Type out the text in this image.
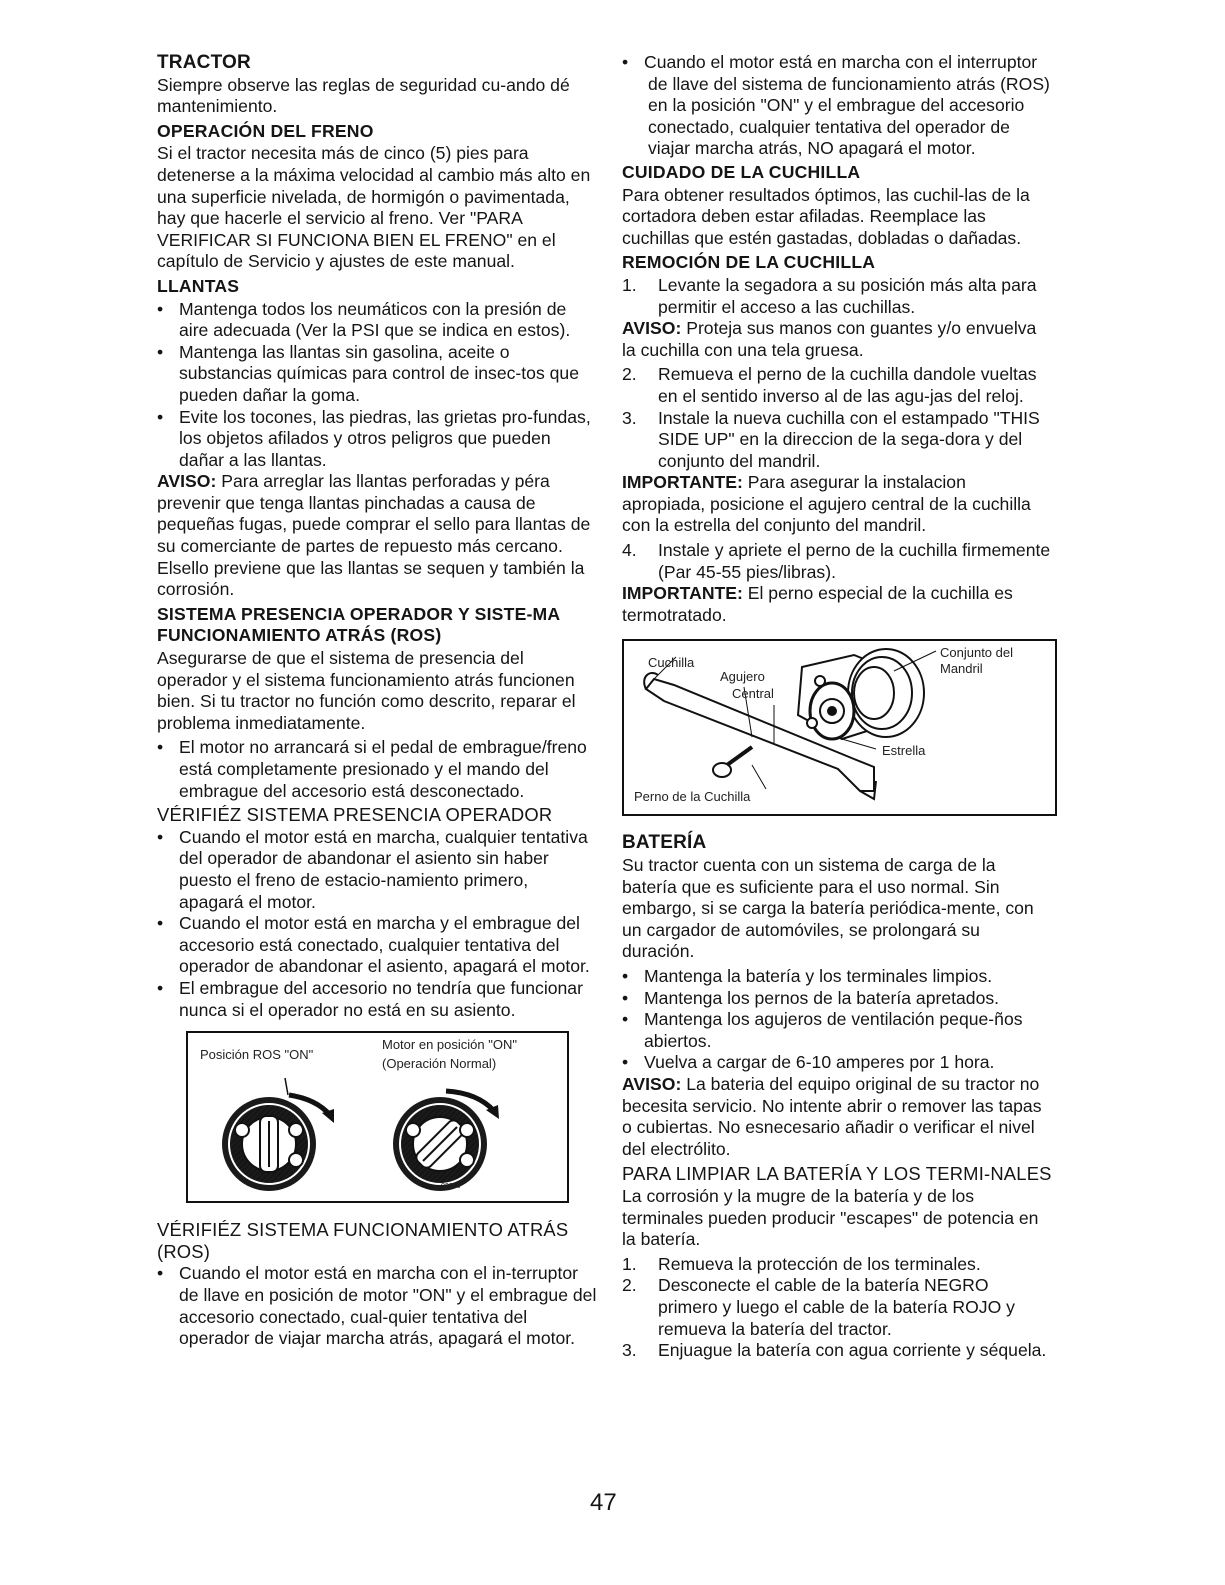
TRACTOR

Siempre observe las reglas de seguridad cu-ando dé mantenimiento.

OPERACIÓN DEL FRENO

Si el tractor necesita más de cinco (5) pies para detenerse a la máxima velocidad al cambio más alto en una superficie nivelada, de hormigón o pavimentada, hay que hacerle el servicio al freno. Ver "PARA VERIFICAR SI FUNCIONA BIEN EL FRENO" en el capítulo de Servicio y ajustes de este manual.

LLANTAS

• Mantenga todos los neumáticos con la presión de aire adecuada (Ver la PSI que se indica en estos).

• Mantenga las llantas sin gasolina, aceite o substancias químicas para control de insec-tos que pueden dañar la goma.

• Evite los tocones, las piedras, las grietas pro-fundas, los objetos afilados y otros peligros que pueden dañar a las llantas.

AVISO: Para arreglar las llantas perforadas y péra prevenir que tenga llantas pinchadas a causa de pequeñas fugas, puede comprar el sello para llantas de su comerciante de partes de repuesto más cercano. Elsello previene que las llantas se sequen y también la corrosión.

SISTEMA PRESENCIA OPERADOR Y SISTE-MA FUNCIONAMIENTO ATRÁS (ROS)

Asegurarse de que el sistema de presencia del operador y el sistema funcionamiento atrás funcionen bien. Si tu tractor no función como descrito, reparar el problema inmediatamente.

• El motor no arrancará si el pedal de embrague/freno está completamente presionado y el mando del embrague del accesorio está desconectado.

VÉRIFIÉZ SISTEMA PRESENCIA OPERADOR

• Cuando el motor está en marcha, cualquier tentativa del operador de abandonar el asiento sin haber puesto el freno de estacio-namiento primero, apagará el motor.

• Cuando el motor está en marcha y el embrague del accesorio está conectado, cualquier tentativa del operador de abandonar el asiento, apagará el motor.

• El embrague del accesorio no tendría que funcionar nunca si el operador no está en su asiento.

Posición ROS "ON"
Motor en posición "ON"
(Operación Normal)
02026
VÉRIFIÉZ SISTEMA FUNCIONAMIENTO ATRÁS (ROS)

• Cuando el motor está en marcha con el in-terruptor de llave en posición de motor "ON" y el embrague del accesorio conectado, cual-quier tentativa del operador de viajar marcha atrás, apagará el motor.

• Cuando el motor está en marcha con el interruptor de llave del sistema de funcionamiento atrás (ROS) en la posición "ON" y el embrague del accesorio conectado, cualquier tentativa del operador de viajar marcha atrás, NO apagará el motor.

CUIDADO DE LA CUCHILLA

Para obtener resultados óptimos, las cuchil-las de la cortadora deben estar afiladas. Reemplace las cuchillas que estén gastadas, dobladas o dañadas.

REMOCIÓN DE LA CUCHILLA

1. Levante la segadora a su posición más alta para permitir el acceso a las cuchillas.

AVISO: Proteja sus manos con guantes y/o envuelva la cuchilla con una tela gruesa.

2. Remueva el perno de la cuchilla dandole vueltas en el sentido inverso al de las agu-jas del reloj.

3. Instale la nueva cuchilla con el estampado "THIS SIDE UP" en la direccion de la sega-dora y del conjunto del mandril.

IMPORTANTE: Para asegurar la instalacion apropiada, posicione el agujero central de la cuchilla con la estrella del conjunto del mandril.

4. Instale y apriete el perno de la cuchilla firmemente (Par 45-55 pies/libras).

IMPORTANTE: El perno especial de la cuchilla es termotratado.

Cuchilla
Agujero
Central
Conjunto del
Mandril
Estrella
Perno de la Cuchilla
BATERÍA

Su tractor cuenta con un sistema de carga de la batería que es suficiente para el uso normal. Sin embargo, si se carga la batería periódica-mente, con un cargador de automóviles, se prolongará su duración.

• Mantenga la batería y los terminales limpios.

• Mantenga los pernos de la batería apretados.

• Mantenga los agujeros de ventilación peque-ños abiertos.

• Vuelva a cargar de 6-10 amperes por 1 hora.

AVISO: La bateria del equipo original de su tractor no becesita servicio. No intente abrir o remover las tapas o cubiertas. No esnecesario añadir o verificar el nivel del electrólito.

PARA LIMPIAR LA BATERÍA Y LOS TERMI-NALES

La corrosión y la mugre de la batería y de los terminales pueden producir "escapes" de potencia en la batería.

1. Remueva la protección de los terminales.

2. Desconecte el cable de la batería NEGRO primero y luego el cable de la batería ROJO y remueva la batería del tractor.

3. Enjuague la batería con agua corriente y séquela.

47
